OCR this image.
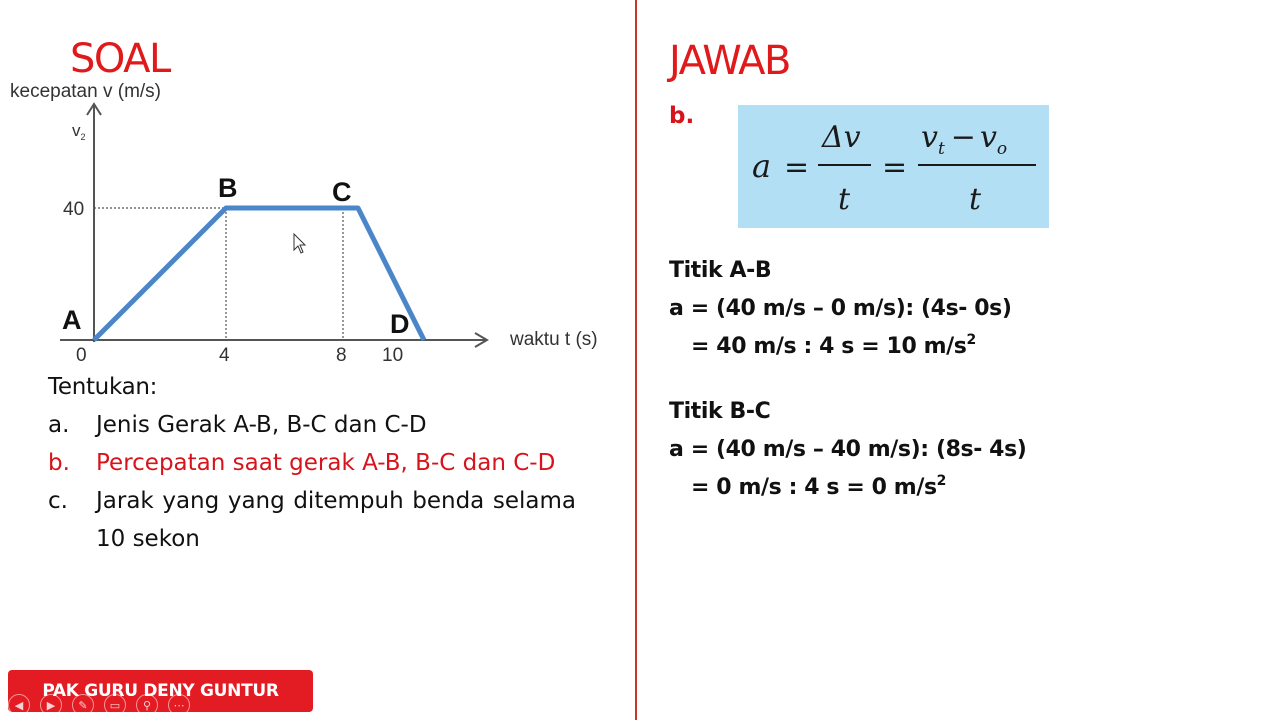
SOAL
kecepatan v (m/s)
$v_2$
40
0	4	8 10
waktu t (s)
A
B	C
D
Tentukan:
a.	Jenis Gerak A-B, B-C dan C-D
b.	Percepatan saat gerak A-B, B-C dan C-D
c.	Jarak yang yang ditempuh benda selama 10 sekon
JAWAB
b.
a =
Δv
t
=
$v_t - v_o$
t
Titik A-B
a = (40 m/s – 0 m/s): (4s- 0s)
= 40 m/s : 4 s = 10 $m/s^2$
Titik B-C
a = (40 m/s – 40 m/s): (8s- 4s)
= 0 m/s : 4 s = 0 $m/s^2$
PAK GURU DENY GUNTUR
◀	▶	✎	▭	⚲	⋯
